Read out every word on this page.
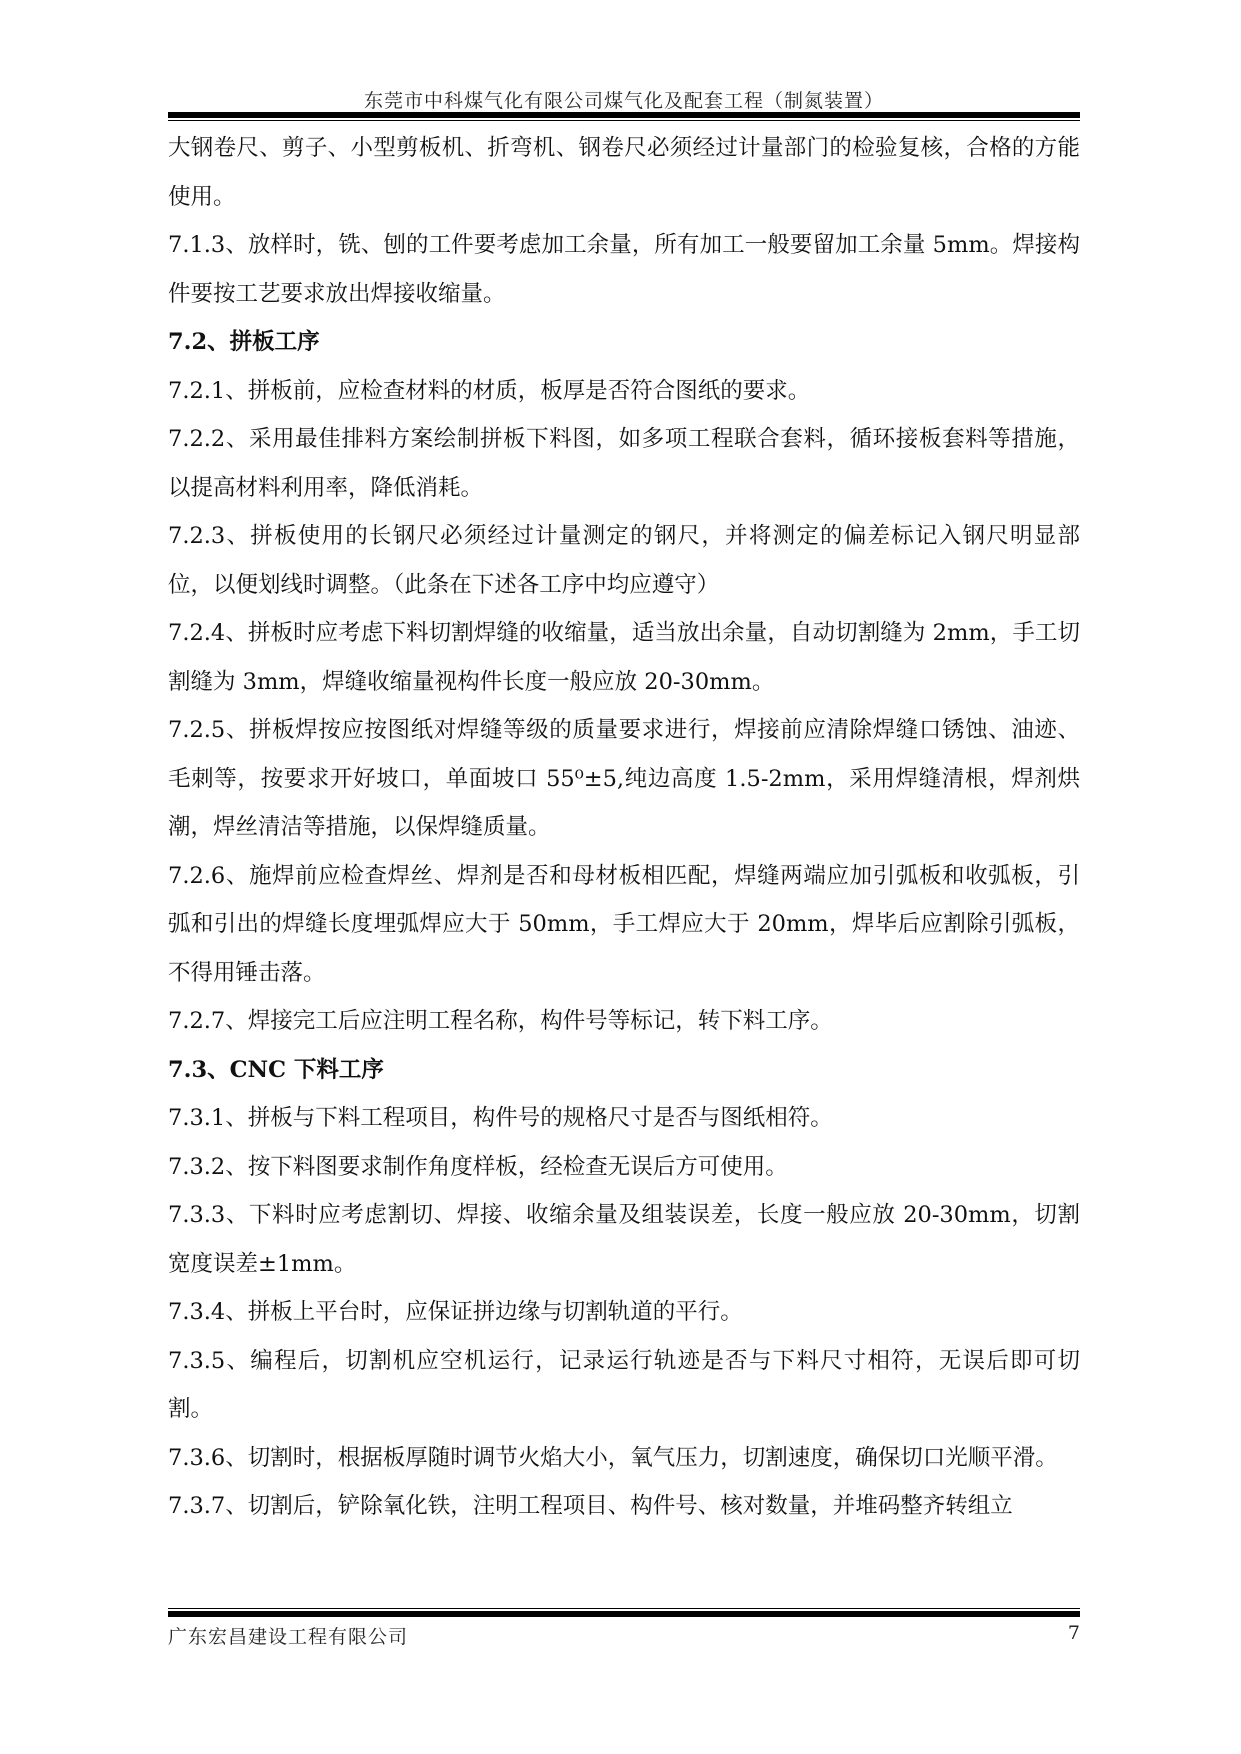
东莞市中科煤气化有限公司煤气化及配套工程（制氮装置）

大钢卷尺、剪子、小型剪板机、折弯机、钢卷尺必须经过计量部门的检验复核，合格的方能使用。

7.1.3、放样时，铣、刨的工件要考虑加工余量，所有加工一般要留加工余量 5mm。焊接构件要按工艺要求放出焊接收缩量。

7.2、拼板工序

7.2.1、拼板前，应检查材料的材质，板厚是否符合图纸的要求。

7.2.2、采用最佳排料方案绘制拼板下料图，如多项工程联合套料，循环接板套料等措施，以提高材料利用率，降低消耗。

7.2.3、拼板使用的长钢尺必须经过计量测定的钢尺，并将测定的偏差标记入钢尺明显部位，以便划线时调整。（此条在下述各工序中均应遵守）

7.2.4、拼板时应考虑下料切割焊缝的收缩量，适当放出余量，自动切割缝为 2mm，手工切割缝为 3mm，焊缝收缩量视构件长度一般应放 20-30mm。

7.2.5、拼板焊按应按图纸对焊缝等级的质量要求进行，焊接前应清除焊缝口锈蚀、油迹、毛刺等，按要求开好坡口，单面坡口 55⁰±5,纯边高度 1.5-2mm，采用焊缝清根，焊剂烘潮，焊丝清洁等措施，以保焊缝质量。

7.2.6、施焊前应检查焊丝、焊剂是否和母材板相匹配，焊缝两端应加引弧板和收弧板，引弧和引出的焊缝长度埋弧焊应大于 50mm，手工焊应大于 20mm，焊毕后应割除引弧板，不得用锤击落。

7.2.7、焊接完工后应注明工程名称，构件号等标记，转下料工序。

7.3、CNC 下料工序

7.3.1、拼板与下料工程项目，构件号的规格尺寸是否与图纸相符。

7.3.2、按下料图要求制作角度样板，经检查无误后方可使用。

7.3.3、下料时应考虑割切、焊接、收缩余量及组装误差，长度一般应放 20-30mm，切割宽度误差±1mm。

7.3.4、拼板上平台时，应保证拼边缘与切割轨道的平行。

7.3.5、编程后，切割机应空机运行，记录运行轨迹是否与下料尺寸相符，无误后即可切割。

7.3.6、切割时，根据板厚随时调节火焰大小，氧气压力，切割速度，确保切口光顺平滑。

7.3.7、切割后，铲除氧化铁，注明工程项目、构件号、核对数量，并堆码整齐转组立

广东宏昌建设工程有限公司	7
